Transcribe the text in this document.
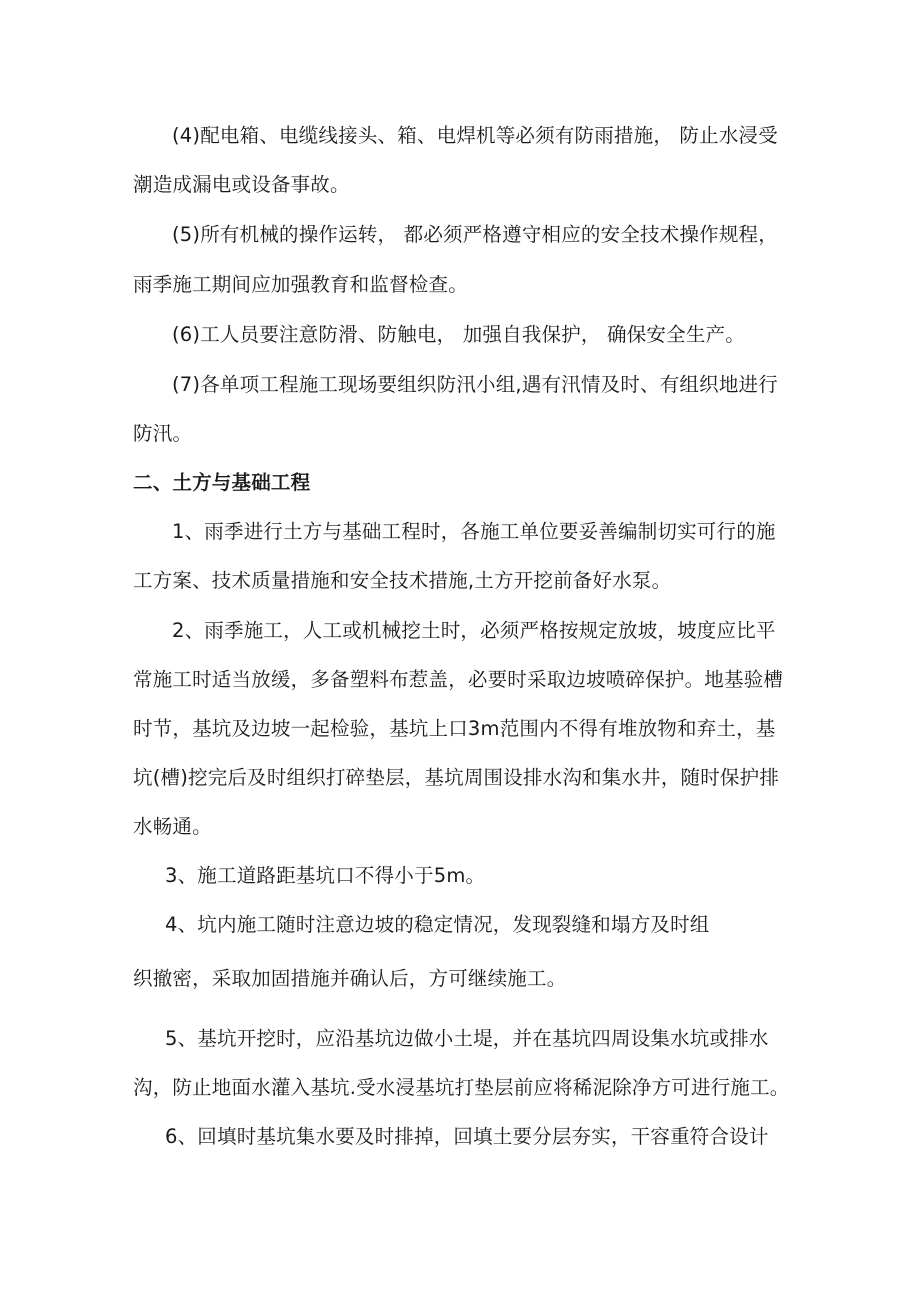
(4)配电箱、电缆线接头、箱、电焊机等必须有防雨措施， 防止水浸受
潮造成漏电或设备事故。
(5)所有机械的操作运转， 都必须严格遵守相应的安全技术操作规程，
雨季施工期间应加强教育和监督检查。
(6)工人员要注意防滑、防触电， 加强自我保护， 确保安全生产。
(7)各单项工程施工现场要组织防汛小组,遇有汛情及时、有组织地进行
防汛。
二、土方与基础工程
1、雨季进行土方与基础工程时，各施工单位要妥善编制切实可行的施
工方案、技术质量措施和安全技术措施,土方开挖前备好水泵。
2、雨季施工，人工或机械挖土时，必须严格按规定放坡，坡度应比平
常施工时适当放缓，多备塑料布惹盖，必要时采取边坡喷碎保护。地基验槽
时节，基坑及边坡一起检验，基坑上口3m范围内不得有堆放物和弃土，基
坑(槽)挖完后及时组织打碎垫层，基坑周围设排水沟和集水井，随时保护排
水畅通。
3、施工道路距基坑口不得小于5m。
4、坑内施工随时注意边坡的稳定情况，发现裂缝和塌方及时组
织撤密，采取加固措施并确认后，方可继续施工。
5、基坑开挖时，应沿基坑边做小土堤，并在基坑四周设集水坑或排水
沟，防止地面水灌入基坑.受水浸基坑打垫层前应将稀泥除净方可进行施工。
6、回填时基坑集水要及时排掉，回填土要分层夯实，干容重符合设计
